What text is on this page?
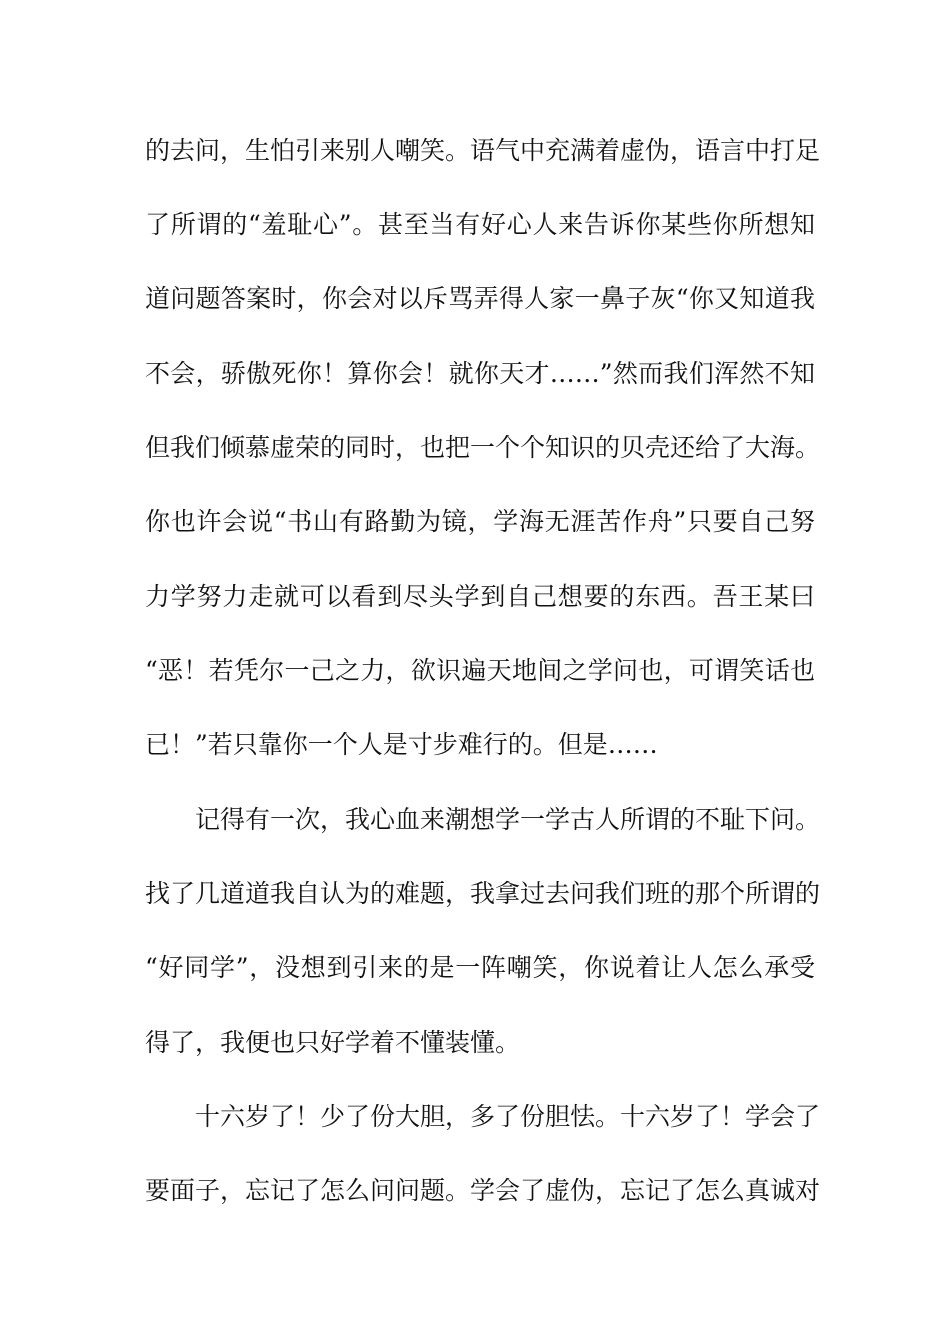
的去问，生怕引来别人嘲笑。语气中充满着虚伪，语言中打足

了所谓的“羞耻心”。甚至当有好心人来告诉你某些你所想知

道问题答案时，你会对以斥骂弄得人家一鼻子灰“你又知道我

不会，骄傲死你！算你会！就你天才……”然而我们浑然不知

但我们倾慕虚荣的同时，也把一个个知识的贝壳还给了大海。

你也许会说“书山有路勤为镜，学海无涯苦作舟”只要自己努

力学努力走就可以看到尽头学到自己想要的东西。吾王某曰

“恶！若凭尔一己之力，欲识遍天地间之学问也，可谓笑话也

已！”若只靠你一个人是寸步难行的。但是……

记得有一次，我心血来潮想学一学古人所谓的不耻下问。

找了几道道我自认为的难题，我拿过去问我们班的那个所谓的

“好同学”，没想到引来的是一阵嘲笑，你说着让人怎么承受

得了，我便也只好学着不懂装懂。

十六岁了！少了份大胆，多了份胆怯。十六岁了！学会了

要面子，忘记了怎么问问题。学会了虚伪，忘记了怎么真诚对
